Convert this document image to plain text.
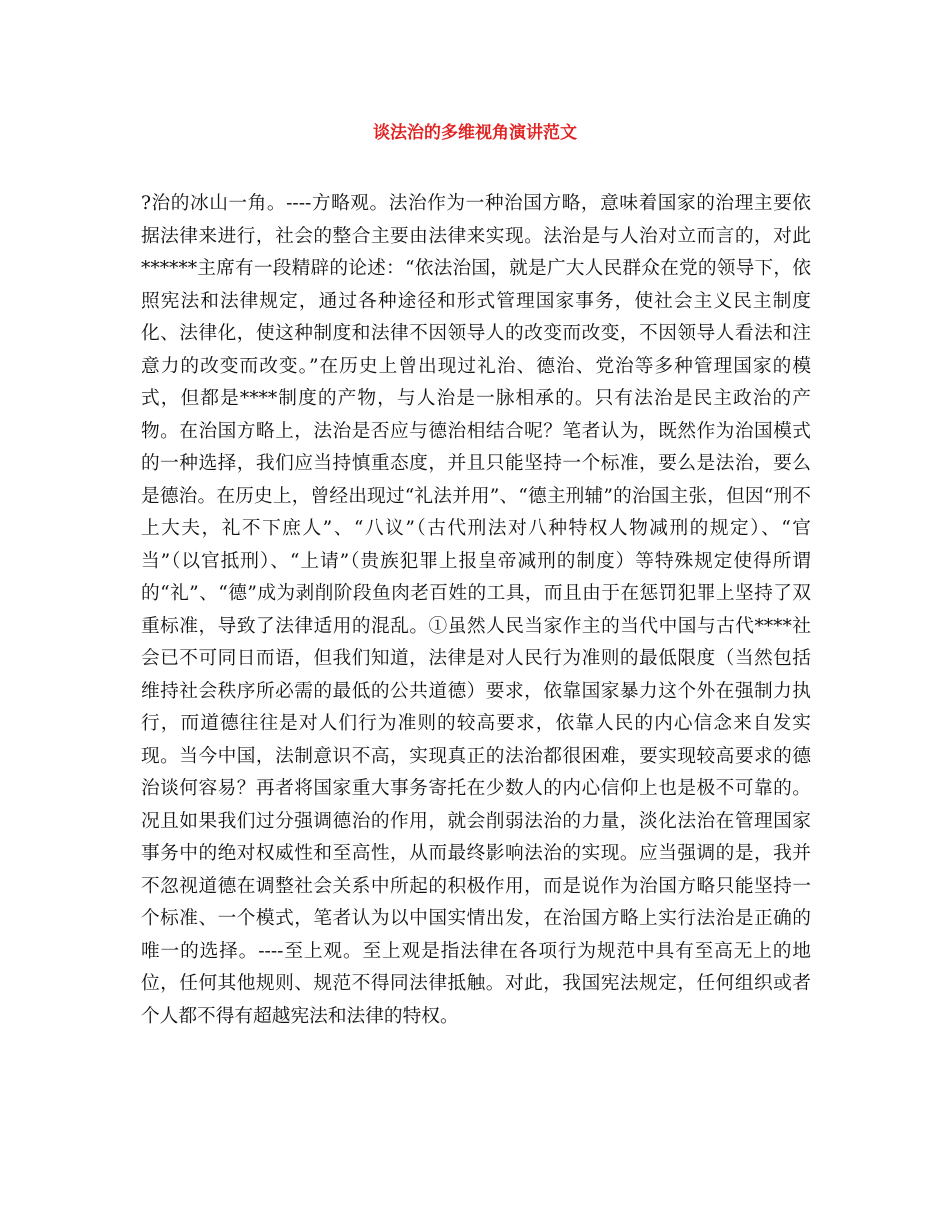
谈法治的多维视角演讲范文

?治的冰山一角。----方略观。法治作为一种治国方略，意味着国家的治理主要依据法律来进行，社会的整合主要由法律来实现。法治是与人治对立而言的，对此******主席有一段精辟的论述：“依法治国，就是广大人民群众在党的领导下，依照宪法和法律规定，通过各种途径和形式管理国家事务，使社会主义民主制度化、法律化，使这种制度和法律不因领导人的改变而改变，不因领导人看法和注意力的改变而改变。”在历史上曾出现过礼治、德治、党治等多种管理国家的模式，但都是****制度的产物，与人治是一脉相承的。只有法治是民主政治的产物。在治国方略上，法治是否应与德治相结合呢？笔者认为，既然作为治国模式的一种选择，我们应当持慎重态度，并且只能坚持一个标准，要么是法治，要么是德治。在历史上，曾经出现过“礼法并用”、“德主刑辅”的治国主张，但因“刑不上大夫，礼不下庶人”、“八议”（古代刑法对八种特权人物减刑的规定）、“官当”（以官抵刑）、“上请”（贵族犯罪上报皇帝减刑的制度）等特殊规定使得所谓的“礼”、“德”成为剥削阶段鱼肉老百姓的工具，而且由于在惩罚犯罪上坚持了双重标准，导致了法律适用的混乱。①虽然人民当家作主的当代中国与古代****社会已不可同日而语，但我们知道，法律是对人民行为准则的最低限度（当然包括维持社会秩序所必需的最低的公共道德）要求，依靠国家暴力这个外在强制力执行，而道德往往是对人们行为准则的较高要求，依靠人民的内心信念来自发实现。当今中国，法制意识不高，实现真正的法治都很困难，要实现较高要求的德治谈何容易？再者将国家重大事务寄托在少数人的内心信仰上也是极不可靠的。况且如果我们过分强调德治的作用，就会削弱法治的力量，淡化法治在管理国家事务中的绝对权威性和至高性，从而最终影响法治的实现。应当强调的是，我并不忽视道德在调整社会关系中所起的积极作用，而是说作为治国方略只能坚持一个标准、一个模式，笔者认为以中国实情出发，在治国方略上实行法治是正确的唯一的选择。----至上观。至上观是指法律在各项行为规范中具有至高无上的地位，任何其他规则、规范不得同法律抵触。对此，我国宪法规定，任何组织或者个人都不得有超越宪法和法律的特权。
